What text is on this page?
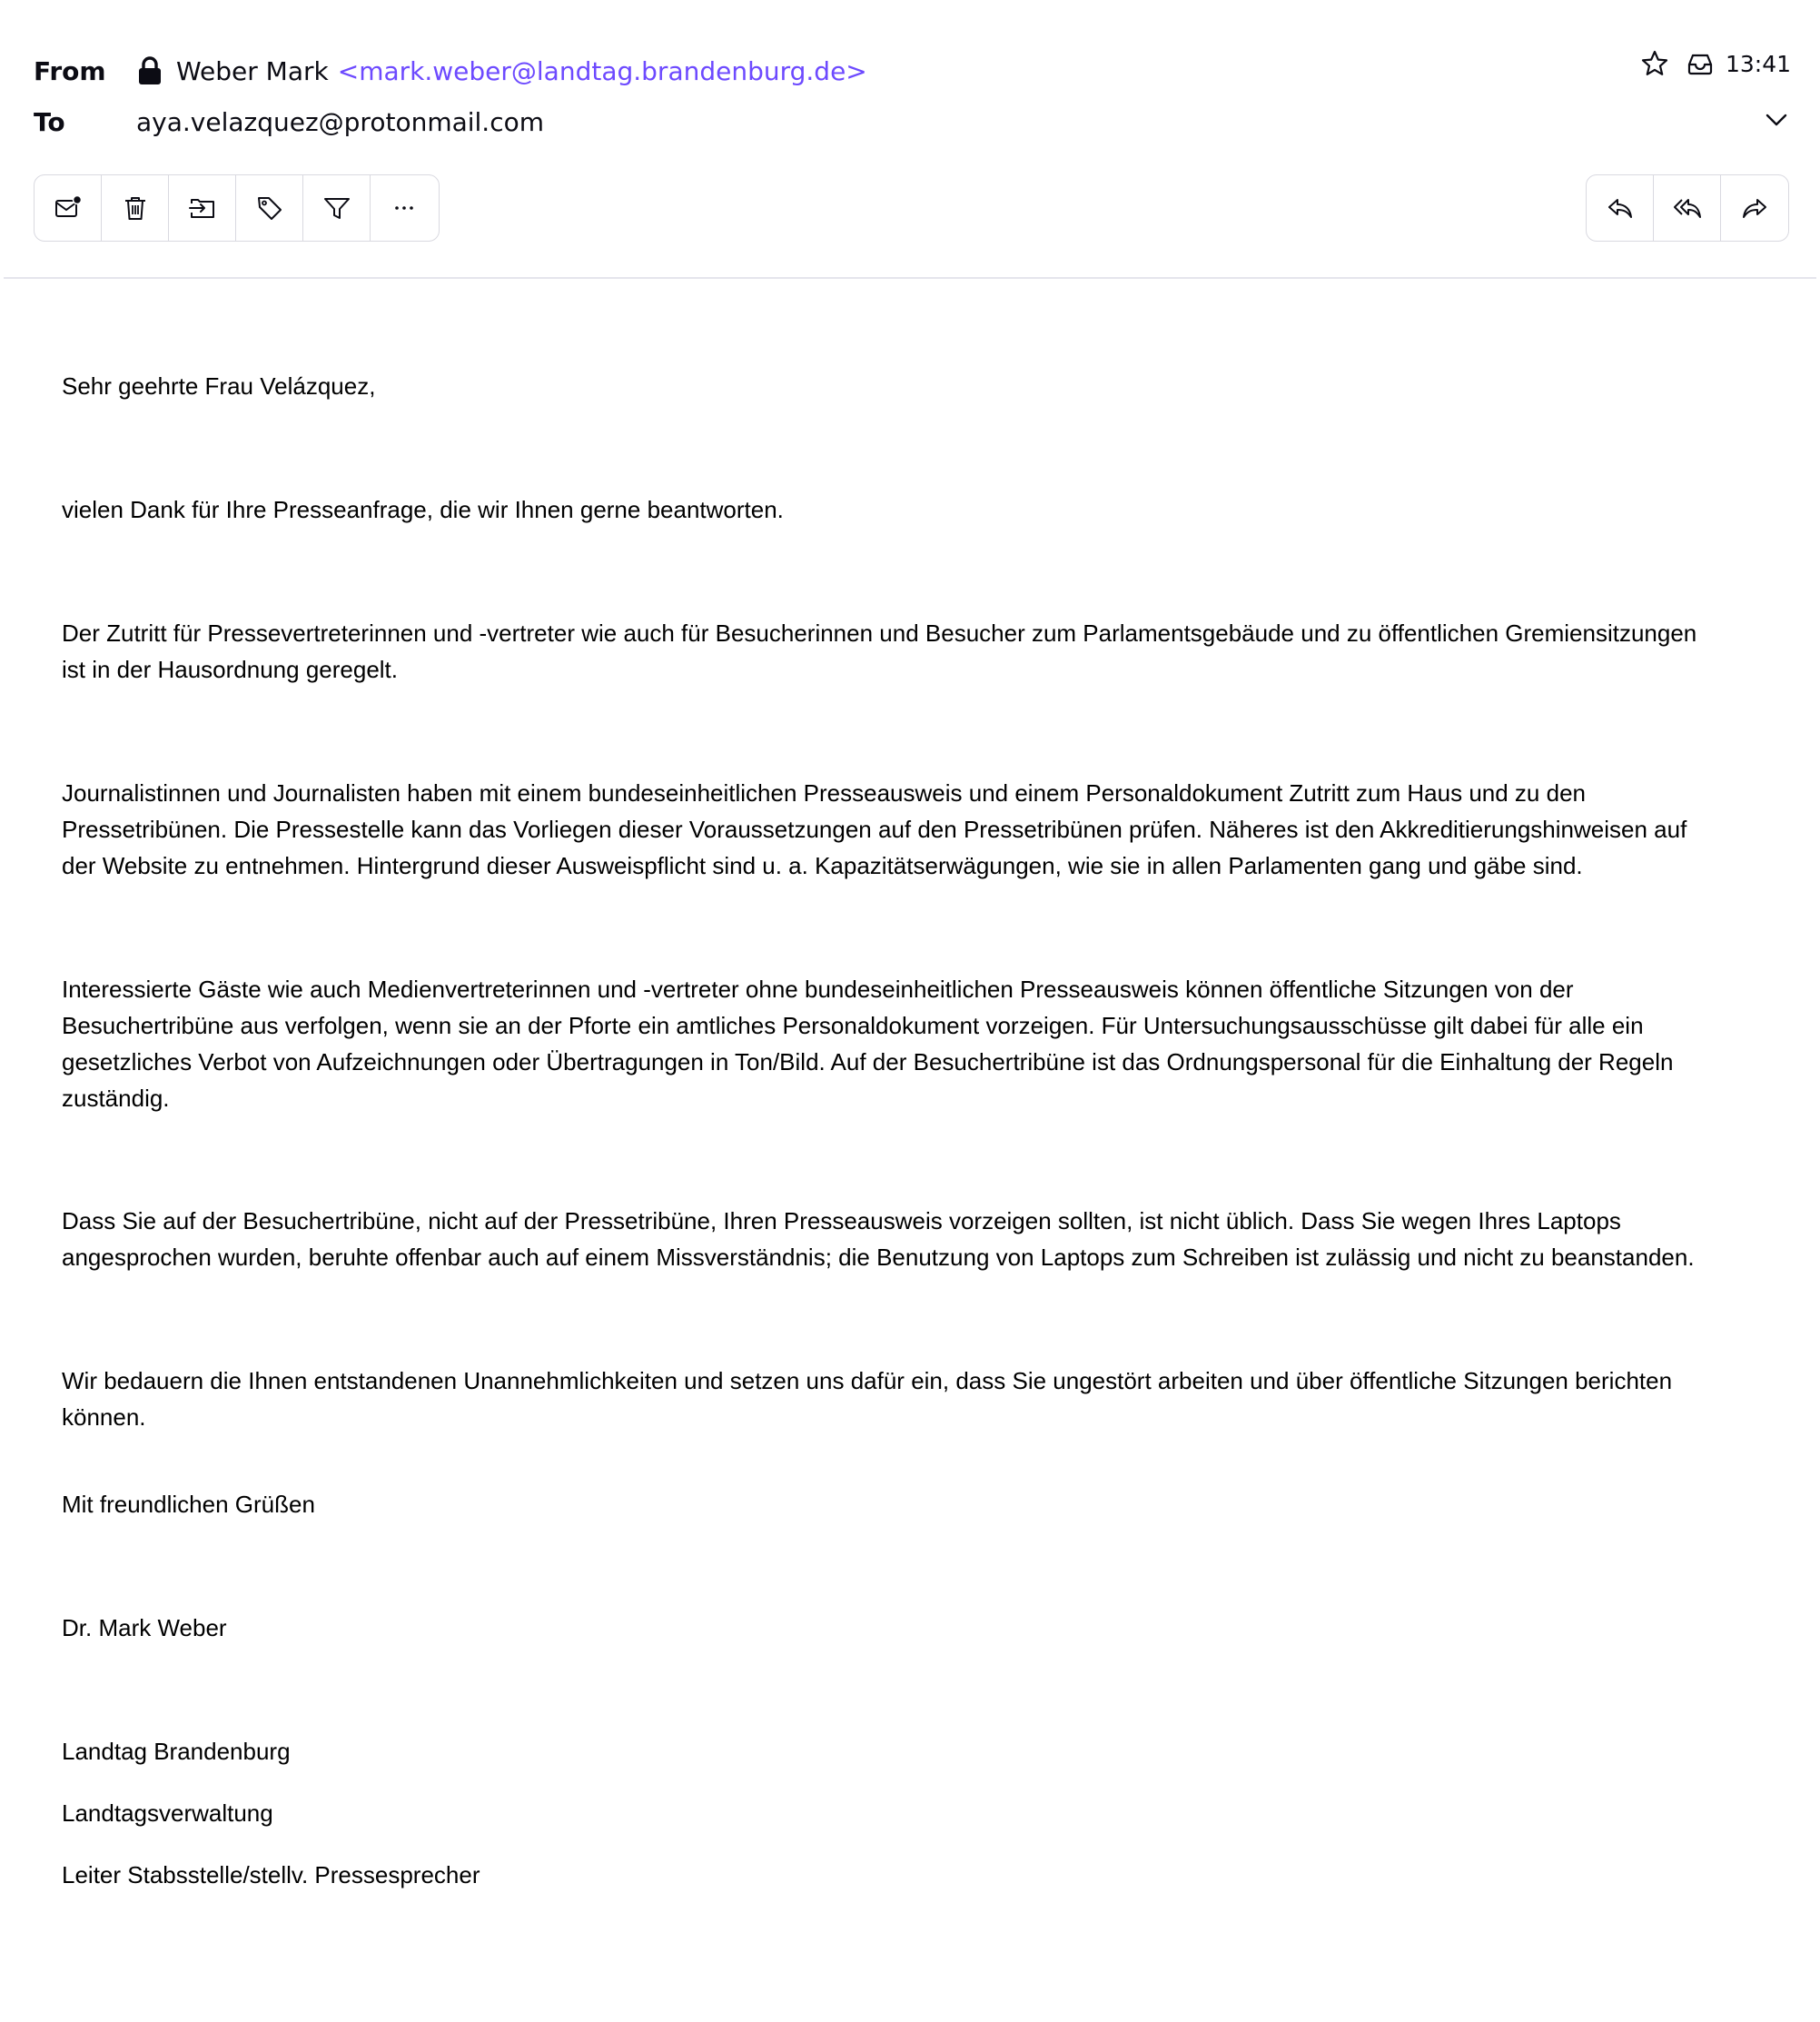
From	Weber Mark <mark.weber@landtag.brandenburg.de>
To	aya.velazquez@protonmail.com
13:41
Sehr geehrte Frau Velázquez,
vielen Dank für Ihre Presseanfrage, die wir Ihnen gerne beantworten.
Der Zutritt für Pressevertreterinnen und -vertreter wie auch für Besucherinnen und Besucher zum Parlamentsgebäude und zu öffentlichen Gremiensitzungen
ist in der Hausordnung geregelt.
Journalistinnen und Journalisten haben mit einem bundeseinheitlichen Presseausweis und einem Personaldokument Zutritt zum Haus und zu den
Pressetribünen. Die Pressestelle kann das Vorliegen dieser Voraussetzungen auf den Pressetribünen prüfen. Näheres ist den Akkreditierungshinweisen auf
der Website zu entnehmen. Hintergrund dieser Ausweispflicht sind u. a. Kapazitätserwägungen, wie sie in allen Parlamenten gang und gäbe sind.
Interessierte Gäste wie auch Medienvertreterinnen und -vertreter ohne bundeseinheitlichen Presseausweis können öffentliche Sitzungen von der
Besuchertribüne aus verfolgen, wenn sie an der Pforte ein amtliches Personaldokument vorzeigen. Für Untersuchungsausschüsse gilt dabei für alle ein
gesetzliches Verbot von Aufzeichnungen oder Übertragungen in Ton/Bild. Auf der Besuchertribüne ist das Ordnungspersonal für die Einhaltung der Regeln
zuständig.
Dass Sie auf der Besuchertribüne, nicht auf der Pressetribüne, Ihren Presseausweis vorzeigen sollten, ist nicht üblich. Dass Sie wegen Ihres Laptops
angesprochen wurden, beruhte offenbar auch auf einem Missverständnis; die Benutzung von Laptops zum Schreiben ist zulässig und nicht zu beanstanden.
Wir bedauern die Ihnen entstandenen Unannehmlichkeiten und setzen uns dafür ein, dass Sie ungestört arbeiten und über öffentliche Sitzungen berichten
können.
Mit freundlichen Grüßen
Dr. Mark Weber
Landtag Brandenburg
Landtagsverwaltung
Leiter Stabsstelle/stellv. Pressesprecher
